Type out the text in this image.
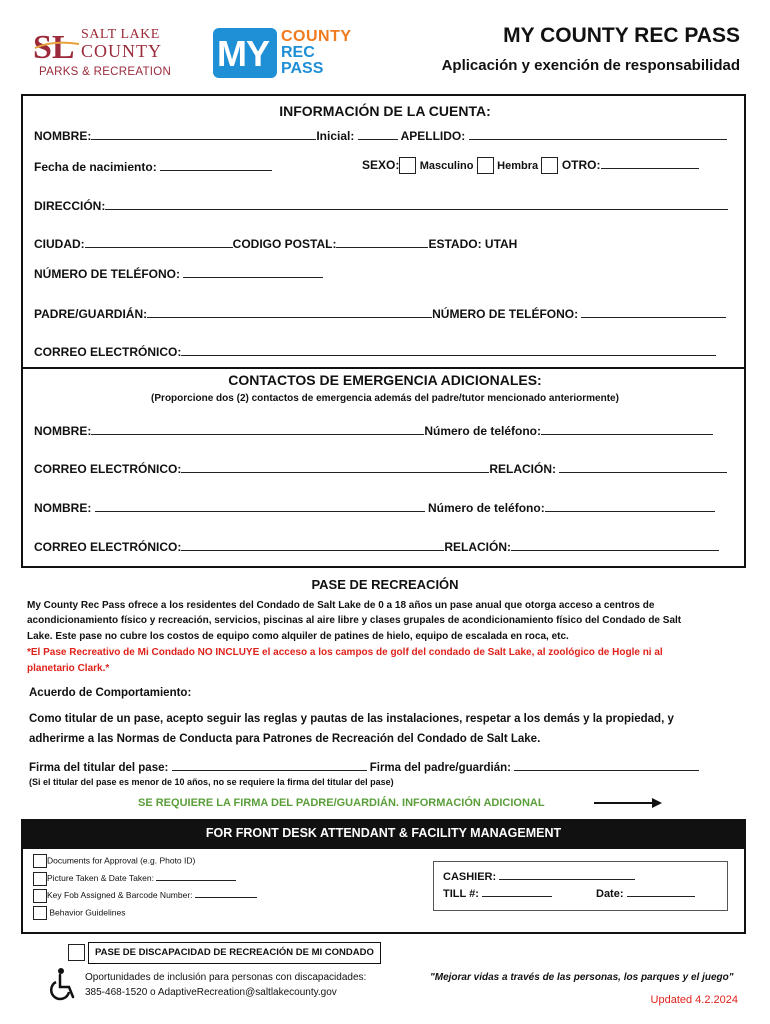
SL SALT LAKE
COUNTY
PARKS & RECREATION MY COUNTY
REC
PASS
MY COUNTY REC PASS
Aplicación y exención de responsabilidad
INFORMACIÓN DE LA CUENTA:
NOMBRE:	Inicial:	APELLIDO:
Fecha de nacimiento:	SEXO: Masculino Hembra OTRO:
DIRECCIÓN:
CIUDAD:	CODIGO POSTAL:	ESTADO: UTAH
NÚMERO DE TELÉFONO:
PADRE/GUARDIÁN:	NÚMERO DE TELÉFONO:
CORREO ELECTRÓNICO:
CONTACTOS DE EMERGENCIA ADICIONALES:
(Proporcione dos (2) contactos de emergencia además del padre/tutor mencionado anteriormente)
NOMBRE:	Número de teléfono:
CORREO ELECTRÓNICO:	RELACIÓN:
NOMBRE:	Número de teléfono:
CORREO ELECTRÓNICO:	RELACIÓN:
PASE DE RECREACIÓN
My County Rec Pass ofrece a los residentes del Condado de Salt Lake de 0 a 18 años un pase anual que otorga acceso a centros de
acondicionamiento físico y recreación, servicios, piscinas al aire libre y clases grupales de acondicionamiento físico del Condado de Salt
Lake. Este pase no cubre los costos de equipo como alquiler de patines de hielo, equipo de escalada en roca, etc.
*El Pase Recreativo de Mi Condado NO INCLUYE el acceso a los campos de golf del condado de Salt Lake, al zoológico de Hogle ni al
planetario Clark.*
Acuerdo de Comportamiento:
Como titular de un pase, acepto seguir las reglas y pautas de las instalaciones, respetar a los demás y la propiedad, y
adherirme a las Normas de Conducta para Patrones de Recreación del Condado de Salt Lake.
Firma del titular del pase:	Firma del padre/guardián:
(Si el titular del pase es menor de 10 años, no se requiere la firma del titular del pase)
SE REQUIERE LA FIRMA DEL PADRE/GUARDIÁN. INFORMACIÓN ADICIONAL
FOR FRONT DESK ATTENDANT & FACILITY MANAGEMENT
Documents for Approval (e.g. Photo ID)
Picture Taken & Date Taken:
Key Fob Assigned & Barcode Number:
Behavior Guidelines
CASHIER:
TILL #:	Date:
PASE DE DISCAPACIDAD DE RECREACIÓN DE MI CONDADO
Oportunidades de inclusión para personas con discapacidades:
385-468-1520 o AdaptiveRecreation@saltlakecounty.gov
"Mejorar vidas a través de las personas, los parques y el juego"
Updated 4.2.2024
